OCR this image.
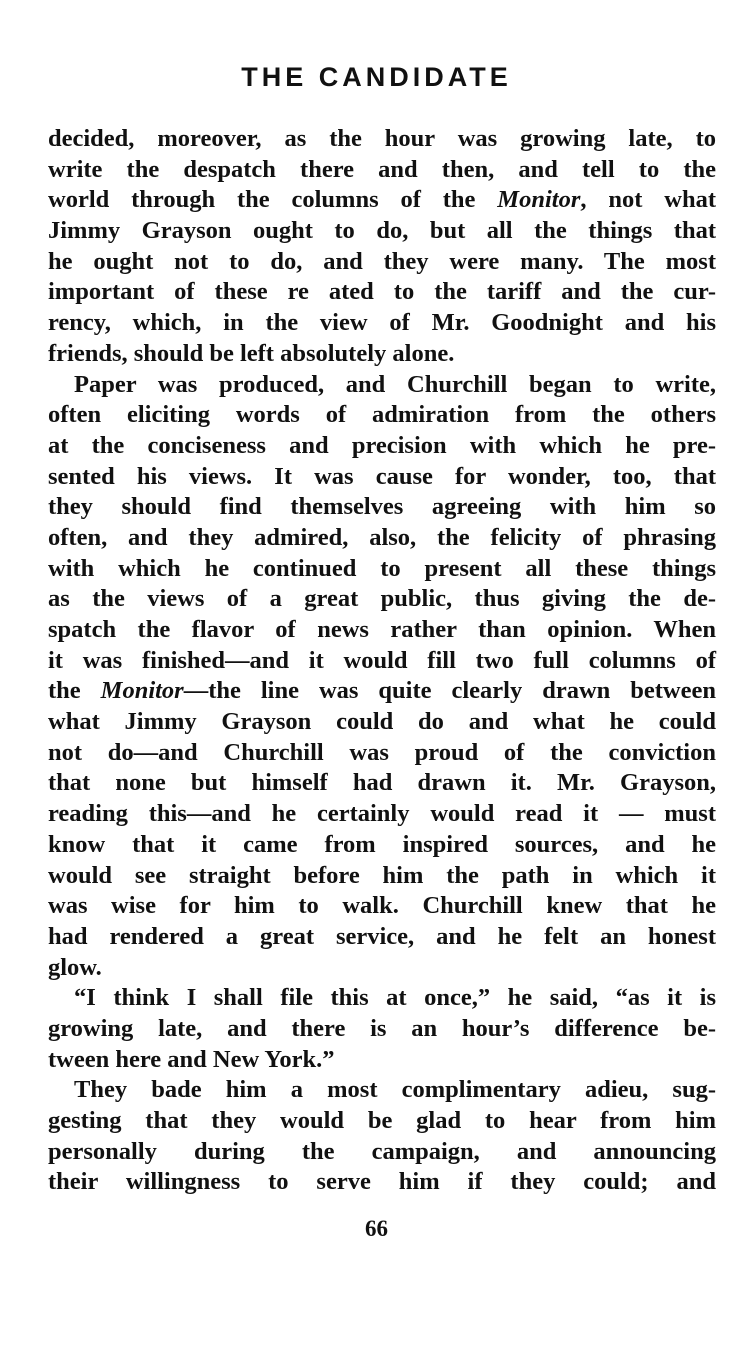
THE CANDIDATE
decided, moreover, as the hour was growing late, to
write the despatch there and then, and tell to the
world through the columns of the Monitor, not what
Jimmy Grayson ought to do, but all the things that
he ought not to do, and they were many. The most
important of these re ated to the tariff and the cur-
rency, which, in the view of Mr. Goodnight and his
friends, should be left absolutely alone.
Paper was produced, and Churchill began to write,
often eliciting words of admiration from the others
at the conciseness and precision with which he pre-
sented his views. It was cause for wonder, too, that
they should find themselves agreeing with him so
often, and they admired, also, the felicity of phrasing
with which he continued to present all these things
as the views of a great public, thus giving the de-
spatch the flavor of news rather than opinion. When
it was finished—and it would fill two full columns of
the Monitor—the line was quite clearly drawn between
what Jimmy Grayson could do and what he could
not do—and Churchill was proud of the conviction
that none but himself had drawn it. Mr. Grayson,
reading this—and he certainly would read it — must
know that it came from inspired sources, and he
would see straight before him the path in which it
was wise for him to walk. Churchill knew that he
had rendered a great service, and he felt an honest
glow.
“I think I shall file this at once,” he said, “as it is
growing late, and there is an hour’s difference be-
tween here and New York.”
They bade him a most complimentary adieu, sug-
gesting that they would be glad to hear from him
personally during the campaign, and announcing
their willingness to serve him if they could; and
66
